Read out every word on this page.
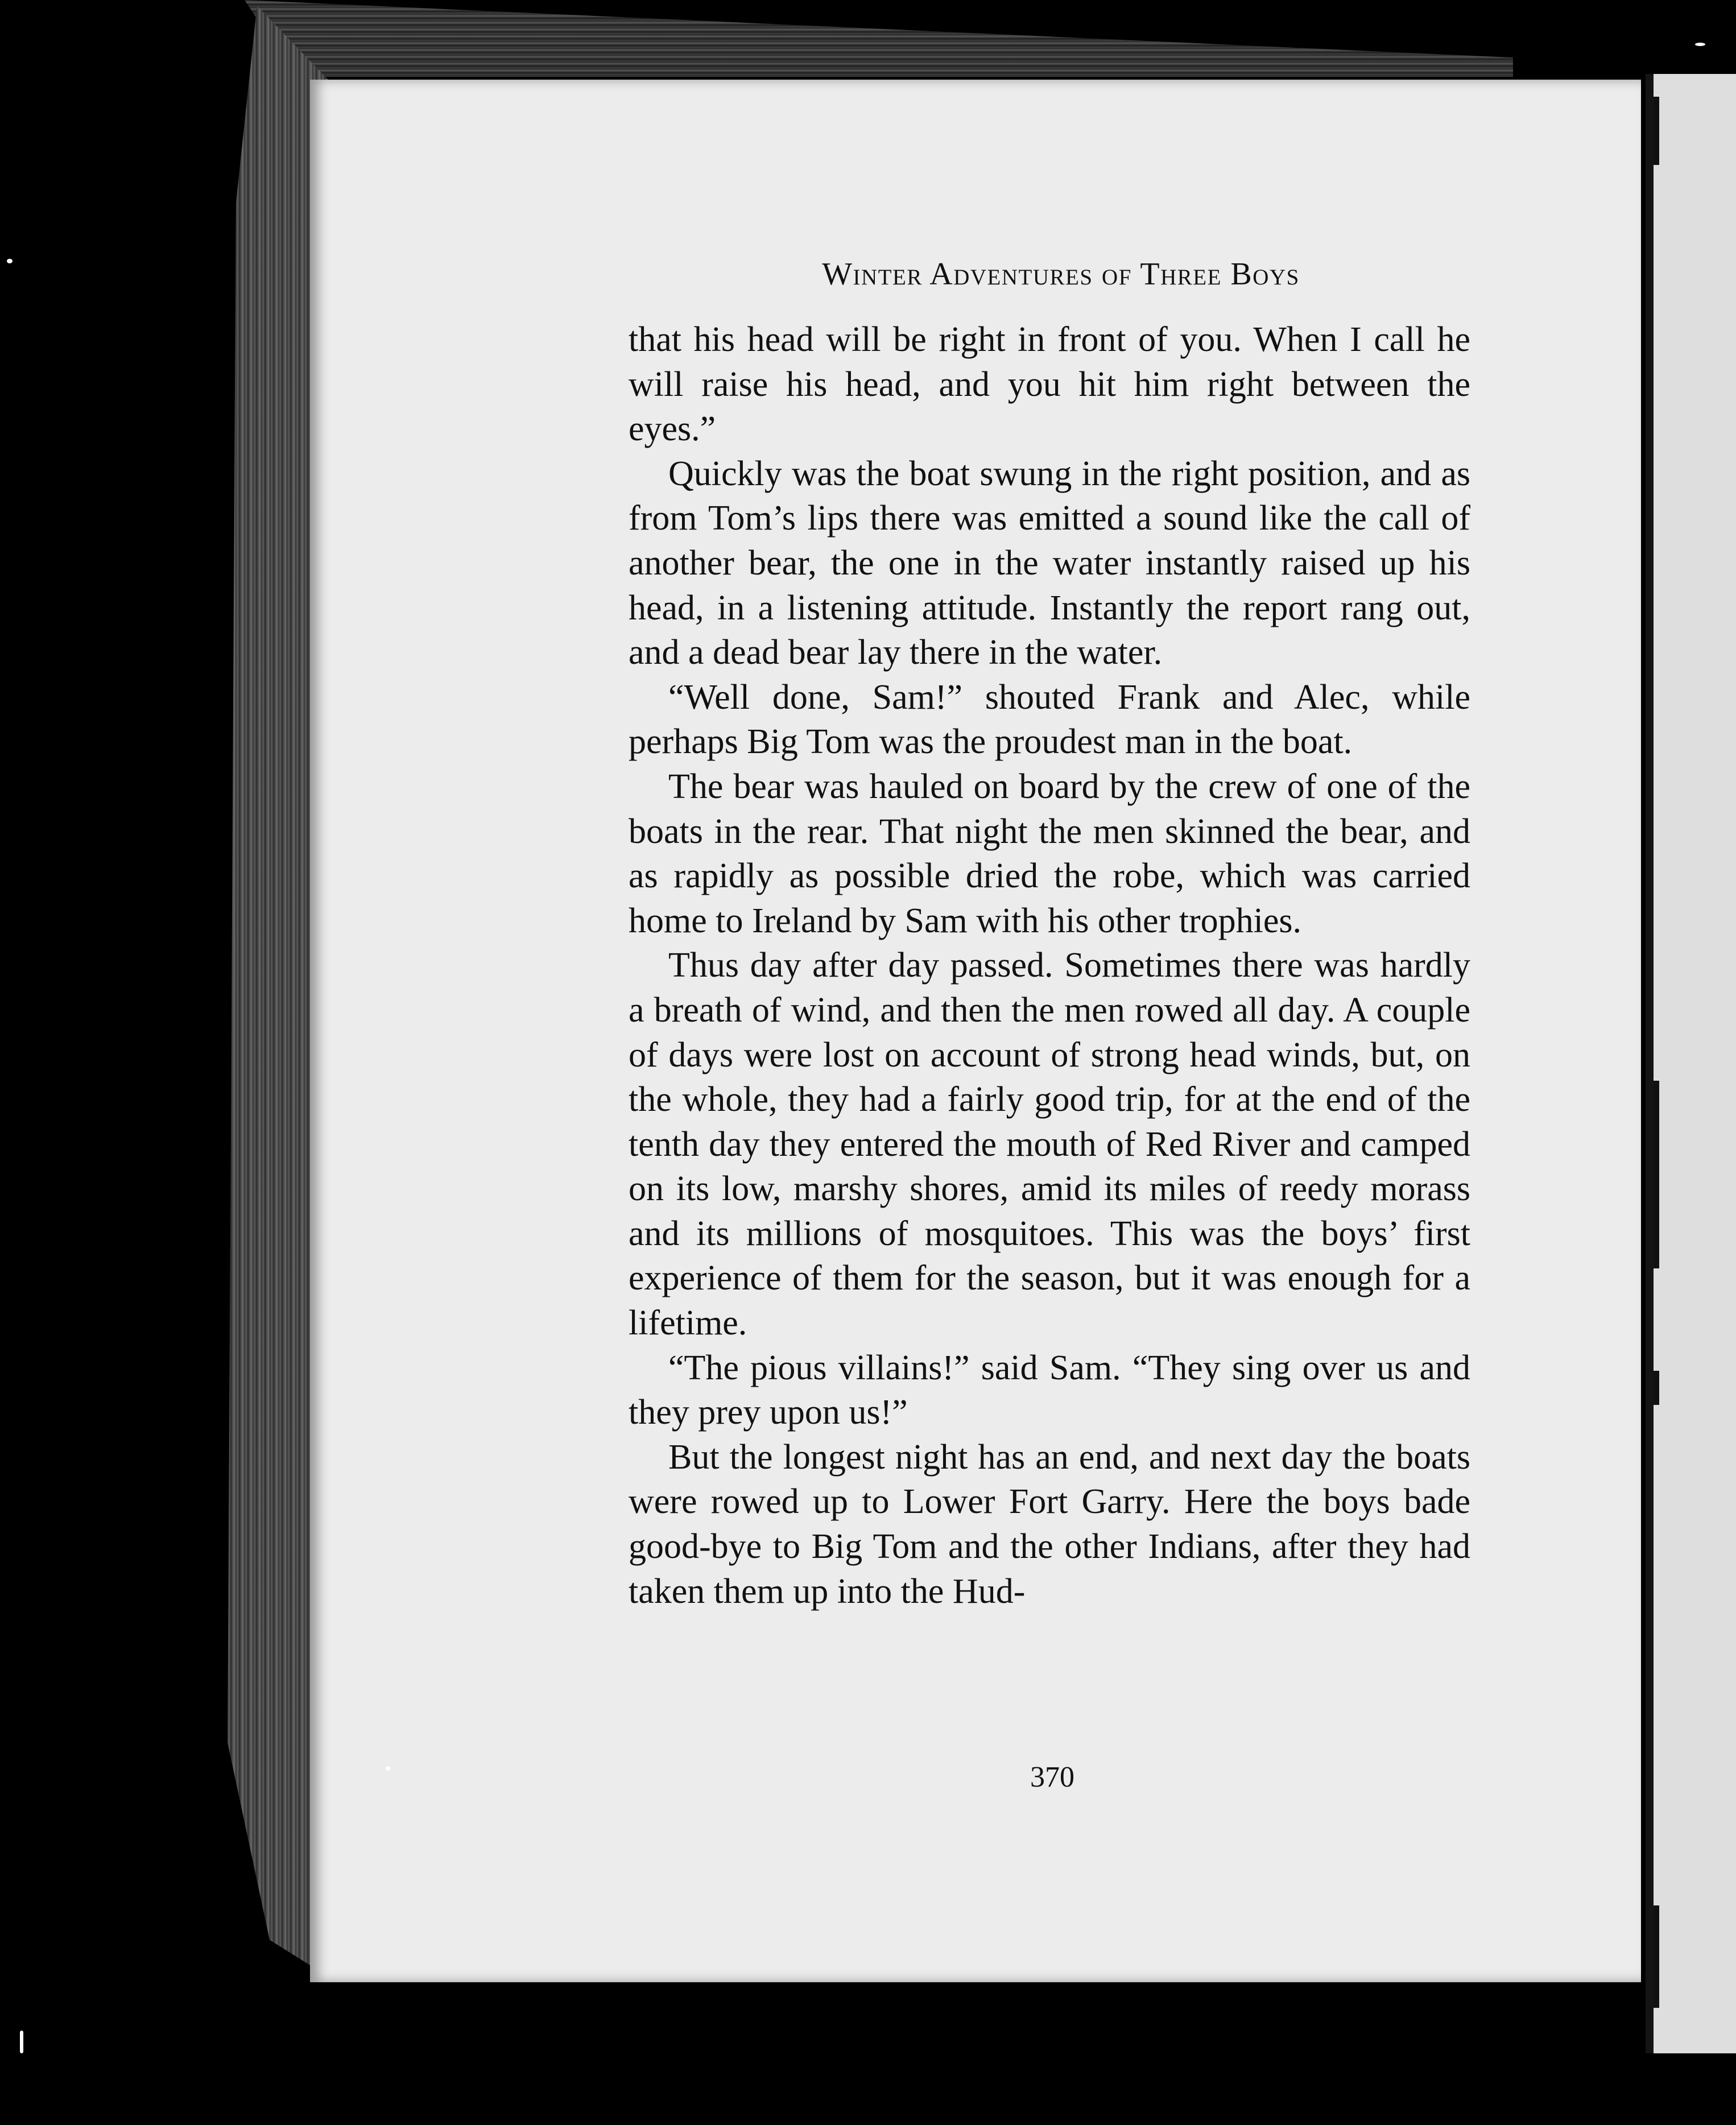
Winter Adventures of Three Boys

that his head will be right in front of you. When I call he will raise his head, and you hit him right between the eyes.”

Quickly was the boat swung in the right position, and as from Tom’s lips there was emitted a sound like the call of another bear, the one in the water instantly raised up his head, in a listening attitude. Instantly the report rang out, and a dead bear lay there in the water.

“Well done, Sam!” shouted Frank and Alec, while perhaps Big Tom was the proudest man in the boat.

The bear was hauled on board by the crew of one of the boats in the rear. That night the men skinned the bear, and as rapidly as possible dried the robe, which was carried home to Ireland by Sam with his other trophies.

Thus day after day passed. Sometimes there was hardly a breath of wind, and then the men rowed all day. A couple of days were lost on account of strong head winds, but, on the whole, they had a fairly good trip, for at the end of the tenth day they entered the mouth of Red River and camped on its low, marshy shores, amid its miles of reedy morass and its millions of mosquitoes. This was the boys’ first experience of them for the season, but it was enough for a lifetime.

“The pious villains!” said Sam. “They sing over us and they prey upon us!”

But the longest night has an end, and next day the boats were rowed up to Lower Fort Garry. Here the boys bade good-bye to Big Tom and the other Indians, after they had taken them up into the Hud-

370
